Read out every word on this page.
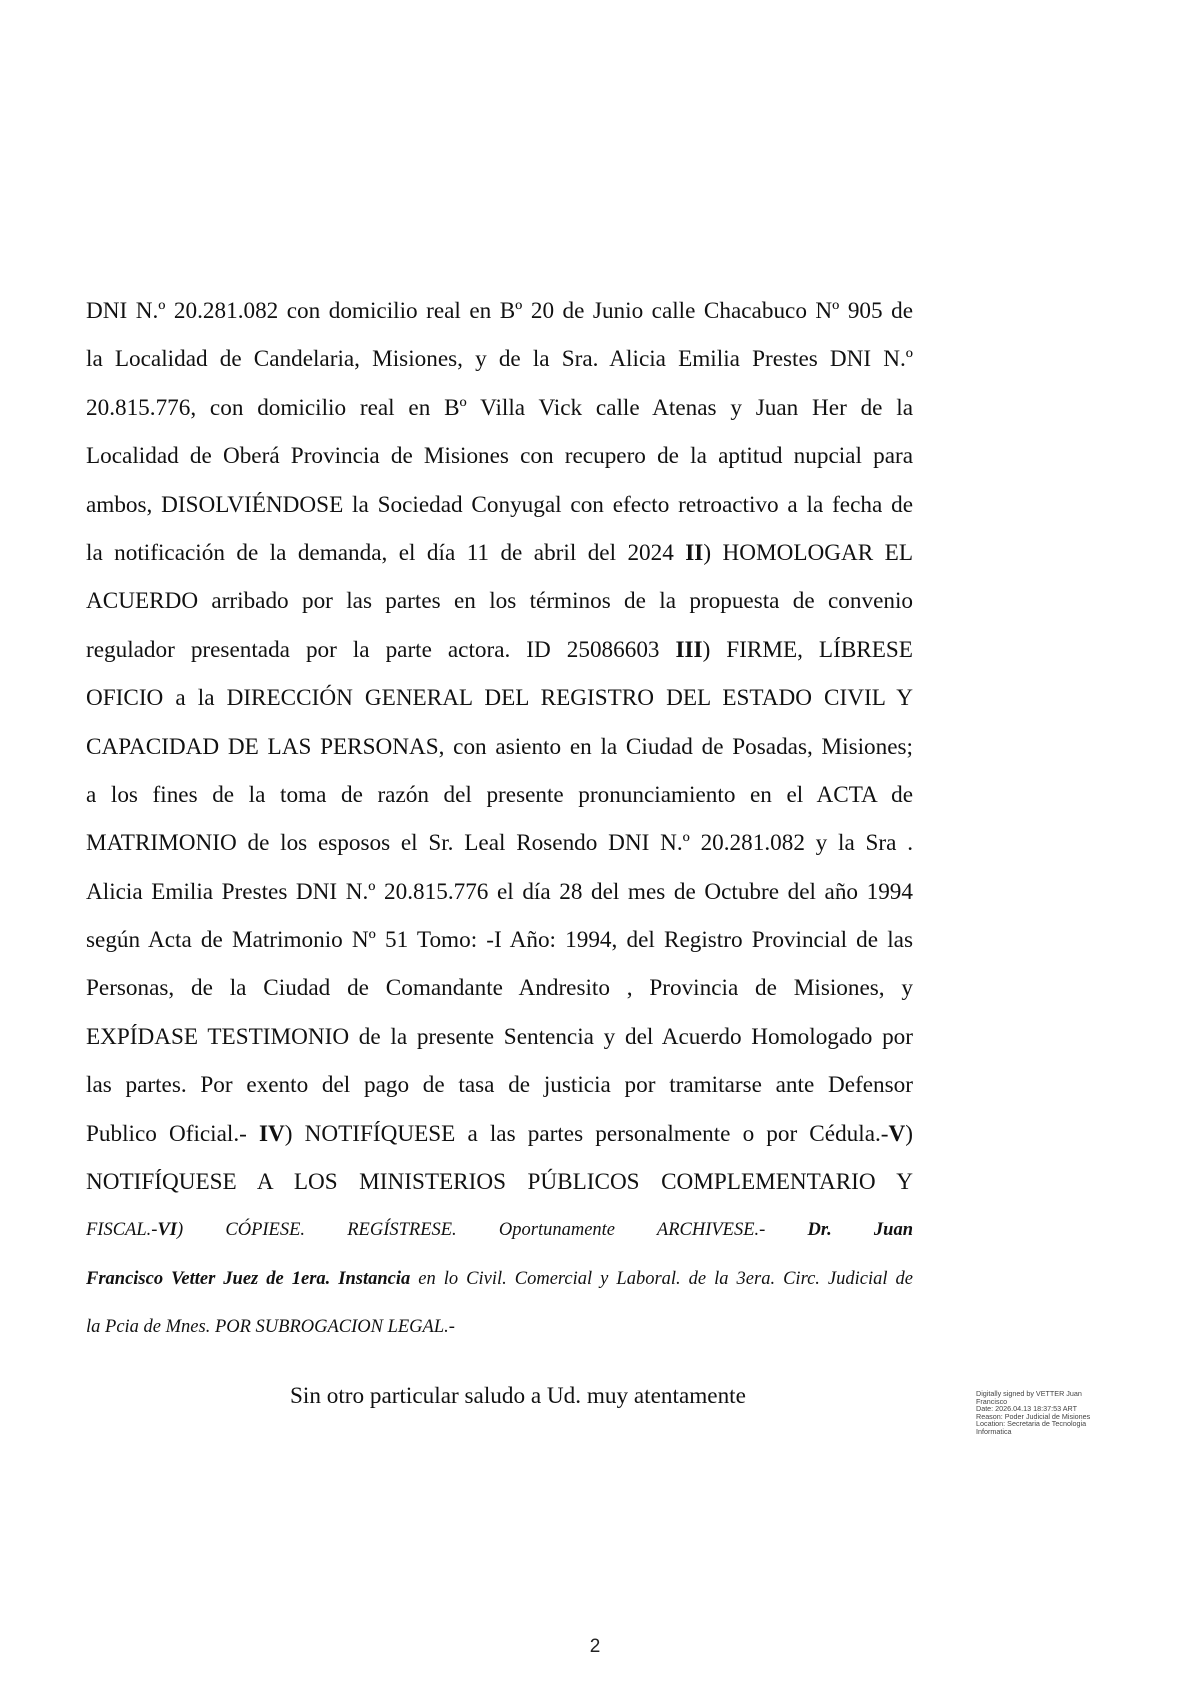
DNI N.º 20.281.082 con domicilio real en Bº 20 de Junio calle Chacabuco Nº 905 de
la Localidad de Candelaria, Misiones, y de la Sra. Alicia Emilia Prestes DNI N.º
20.815.776, con domicilio real en Bº Villa Vick calle Atenas y Juan Her de la
Localidad de Oberá Provincia de Misiones con recupero de la aptitud nupcial para
ambos, DISOLVIÉNDOSE la Sociedad Conyugal con efecto retroactivo a la fecha de
la notificación de la demanda, el día 11 de abril del 2024 II) HOMOLOGAR EL
ACUERDO arribado por las partes en los términos de la propuesta de convenio
regulador presentada por la parte actora. ID 25086603 III) FIRME, LÍBRESE
OFICIO a la DIRECCIÓN GENERAL DEL REGISTRO DEL ESTADO CIVIL Y
CAPACIDAD DE LAS PERSONAS, con asiento en la Ciudad de Posadas, Misiones;
a los fines de la toma de razón del presente pronunciamiento en el ACTA de
MATRIMONIO de los esposos el Sr. Leal Rosendo DNI N.º 20.281.082 y la Sra .
Alicia Emilia Prestes DNI N.º 20.815.776 el día 28 del mes de Octubre del año 1994
según Acta de Matrimonio Nº 51 Tomo: -I Año: 1994, del Registro Provincial de las
Personas, de la Ciudad de Comandante Andresito , Provincia de Misiones, y
EXPÍDASE TESTIMONIO de la presente Sentencia y del Acuerdo Homologado por
las partes. Por exento del pago de tasa de justicia por tramitarse ante Defensor
Publico Oficial.- IV) NOTIFÍQUESE a las partes personalmente o por Cédula.-V)
NOTIFÍQUESE A LOS MINISTERIOS PÚBLICOS COMPLEMENTARIO Y
FISCAL.-VI) CÓPIESE. REGÍSTRESE. Oportunamente ARCHIVESE.- Dr. Juan
Francisco Vetter Juez de 1era. Instancia en lo Civil. Comercial y Laboral. de la 3era. Circ. Judicial de
la Pcia de Mnes. POR SUBROGACION LEGAL.-
Sin otro particular saludo a Ud. muy atentamente	Digitally signed by VETTER Juan
Francisco
Date: 2026.04.13 18:37:53 ART
Reason: Poder Judicial de Misiones
Location: Secretaria de Tecnologia
Informatica
2
